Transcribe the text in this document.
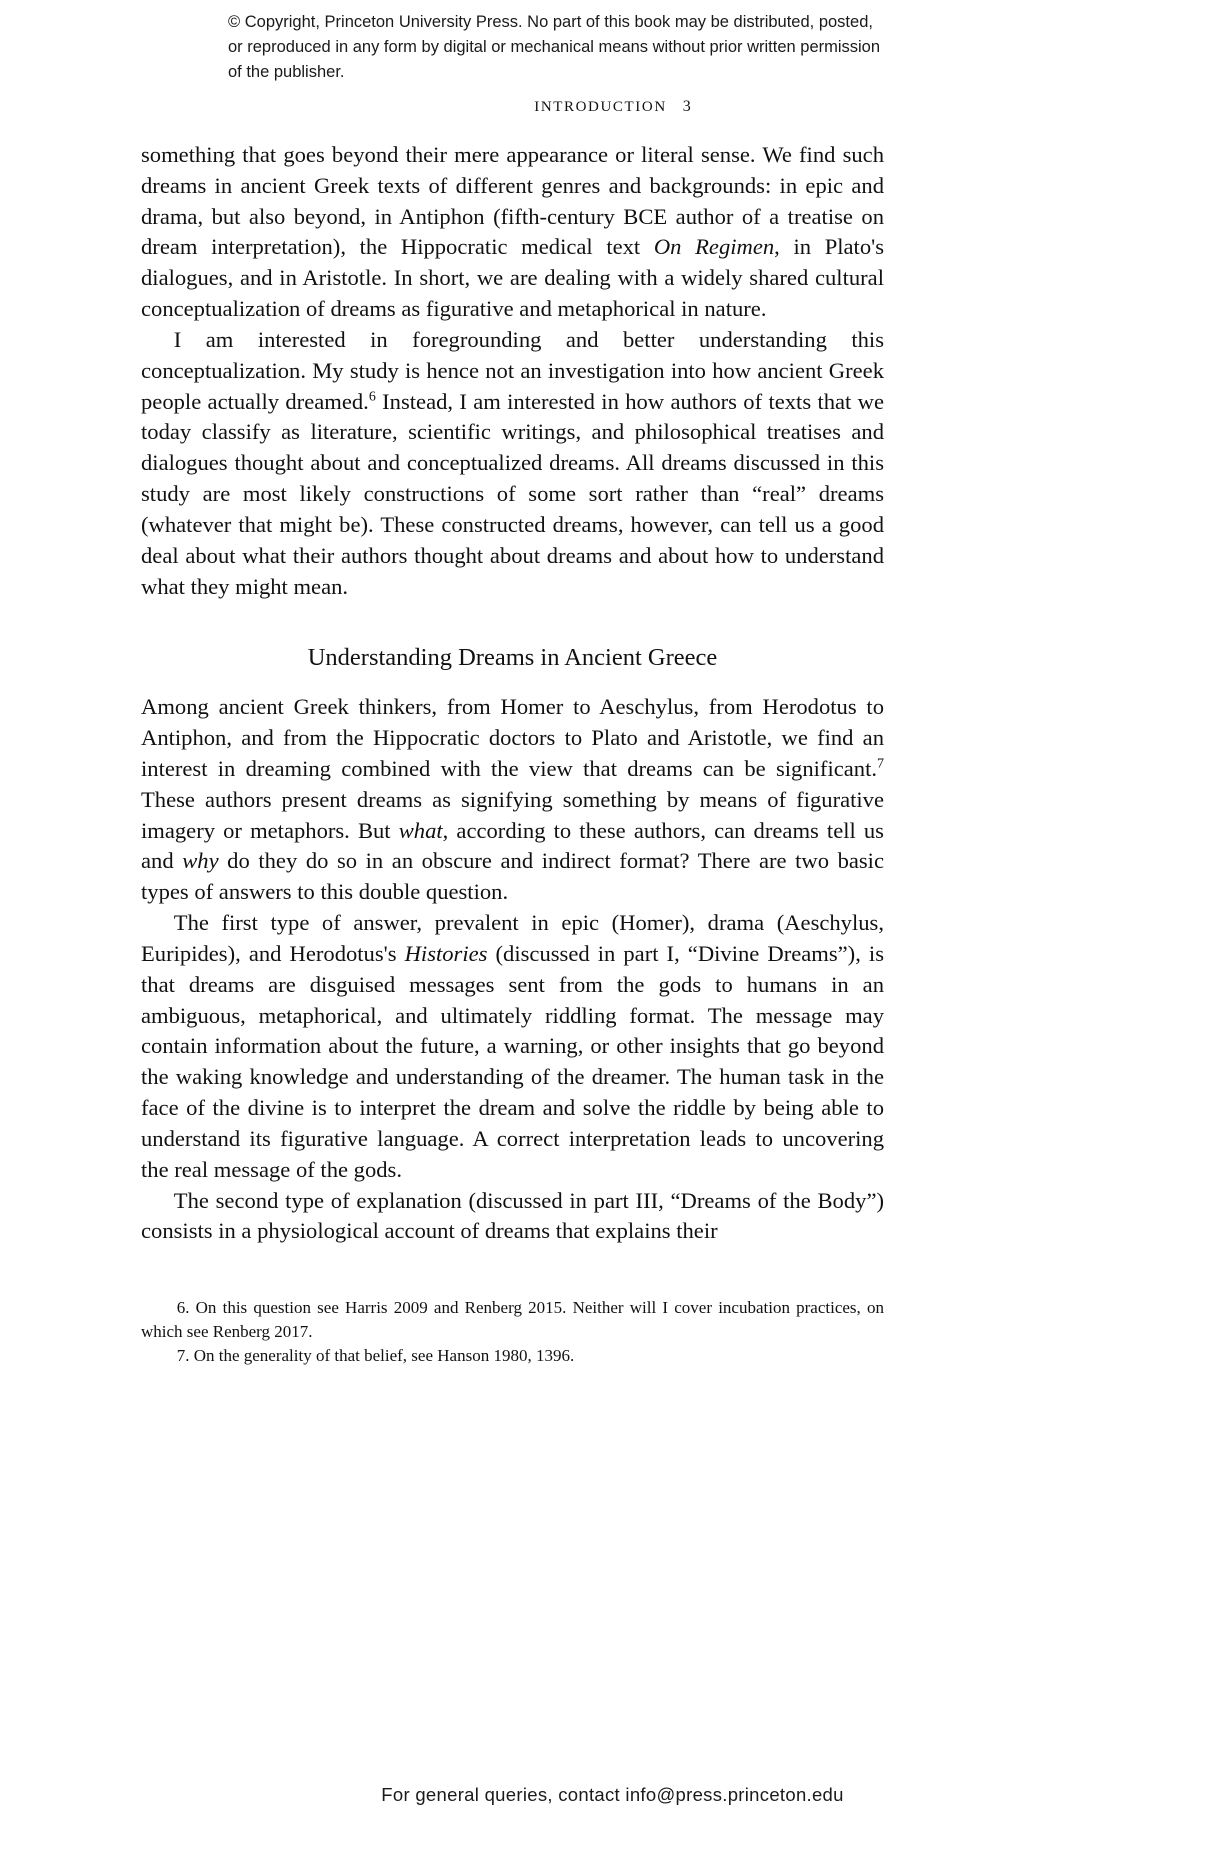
© Copyright, Princeton University Press. No part of this book may be distributed, posted, or reproduced in any form by digital or mechanical means without prior written permission of the publisher.
INTRODUCTION 3

something that goes beyond their mere appearance or literal sense. We find such dreams in ancient Greek texts of different genres and backgrounds: in epic and drama, but also beyond, in Antiphon (fifth-century BCE author of a treatise on dream interpretation), the Hippocratic medical text On Regimen, in Plato's dialogues, and in Aristotle. In short, we are dealing with a widely shared cultural conceptualization of dreams as figurative and metaphorical in nature.

I am interested in foregrounding and better understanding this conceptualization. My study is hence not an investigation into how ancient Greek people actually dreamed.$^6$ Instead, I am interested in how authors of texts that we today classify as literature, scientific writings, and philosophical treatises and dialogues thought about and conceptualized dreams. All dreams discussed in this study are most likely constructions of some sort rather than “real” dreams (whatever that might be). These constructed dreams, however, can tell us a good deal about what their authors thought about dreams and about how to understand what they might mean.

Understanding Dreams in Ancient Greece

Among ancient Greek thinkers, from Homer to Aeschylus, from Herodotus to Antiphon, and from the Hippocratic doctors to Plato and Aristotle, we find an interest in dreaming combined with the view that dreams can be significant.$^7$ These authors present dreams as signifying something by means of figurative imagery or metaphors. But what, according to these authors, can dreams tell us and why do they do so in an obscure and indirect format? There are two basic types of answers to this double question.

The first type of answer, prevalent in epic (Homer), drama (Aeschylus, Euripides), and Herodotus's Histories (discussed in part I, “Divine Dreams”), is that dreams are disguised messages sent from the gods to humans in an ambiguous, metaphorical, and ultimately riddling format. The message may contain information about the future, a warning, or other insights that go beyond the waking knowledge and understanding of the dreamer. The human task in the face of the divine is to interpret the dream and solve the riddle by being able to understand its figurative language. A correct interpretation leads to uncovering the real message of the gods.

The second type of explanation (discussed in part III, “Dreams of the Body”) consists in a physiological account of dreams that explains their

6. On this question see Harris 2009 and Renberg 2015. Neither will I cover incubation practices, on which see Renberg 2017.

7. On the generality of that belief, see Hanson 1980, 1396.

For general queries, contact info@press.princeton.edu
